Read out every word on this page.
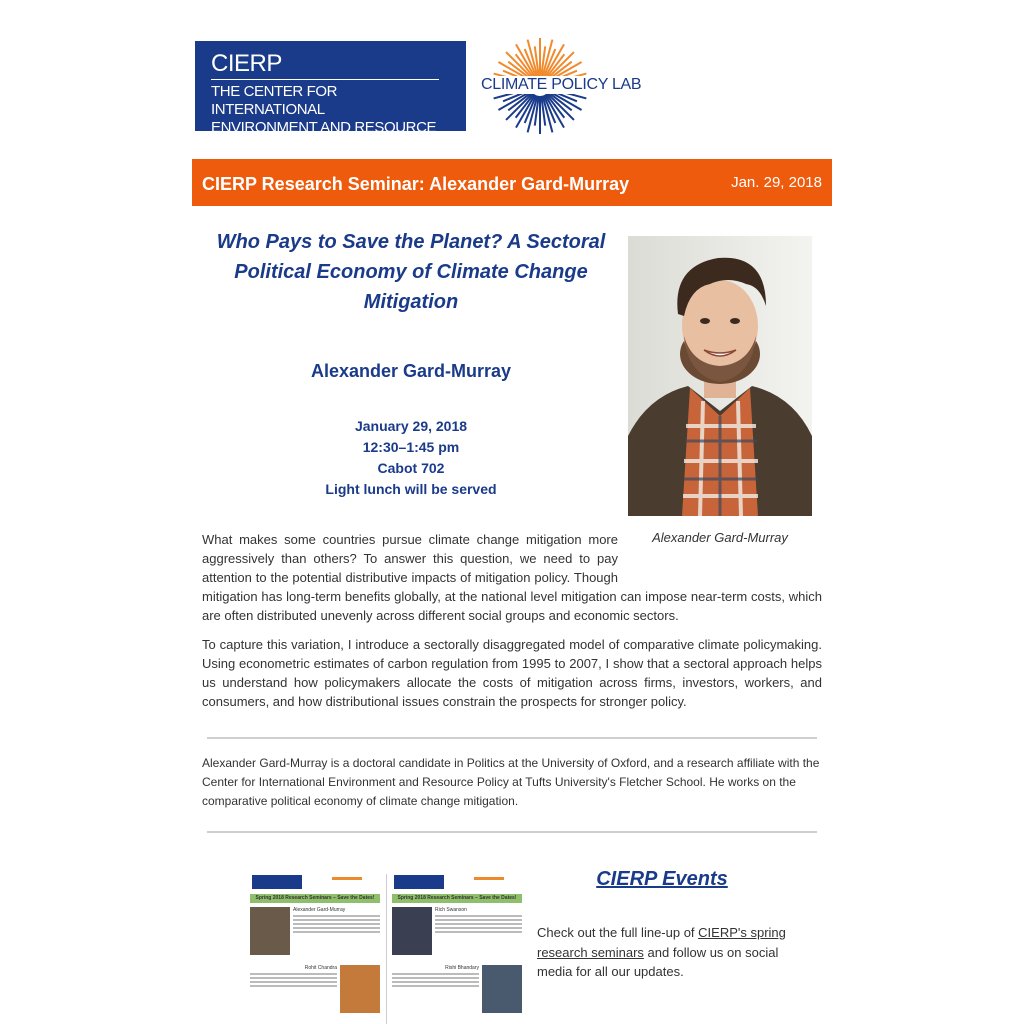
CIERP
THE CENTER FOR INTERNATIONAL
ENVIRONMENT AND RESOURCE POLICY
CLIMATE POLICY LAB
CIERP Research Seminar: Alexander Gard-Murray	Jan. 29, 2018
Who Pays to Save the Planet? A Sectoral Political Economy of Climate Change Mitigation
Alexander Gard-Murray
January 29, 2018
12:30–1:45 pm
Cabot 702
Light lunch will be served
Alexander Gard-Murray

What makes some countries pursue climate change mitigation more aggressively than others? To answer this question, we need to pay attention to the potential distributive impacts of mitigation policy. Though mitigation has long-term benefits globally, at the national level mitigation can impose near-term costs, which are often distributed unevenly across different social groups and economic sectors.

To capture this variation, I introduce a sectorally disaggregated model of comparative climate policymaking. Using econometric estimates of carbon regulation from 1995 to 2007, I show that a sectoral approach helps us understand how policymakers allocate the costs of mitigation across firms, investors, workers, and consumers, and how distributional issues constrain the prospects for stronger policy.

Alexander Gard-Murray is a doctoral candidate in Politics at the University of Oxford, and a research affiliate with the Center for International Environment and Resource Policy at Tufts University's Fletcher School. He works on the comparative political economy of climate change mitigation.
Spring 2018 Research Seminars – Save the Dates!
Alexander Gard-Murray
Rohit Chandra
Spring 2018 Research Seminars – Save the Dates!
Rich Swanson
Rishi Bhandary
CIERP Events
Check out the full line-up of CIERP's spring research seminars and follow us on social media for all our updates.
